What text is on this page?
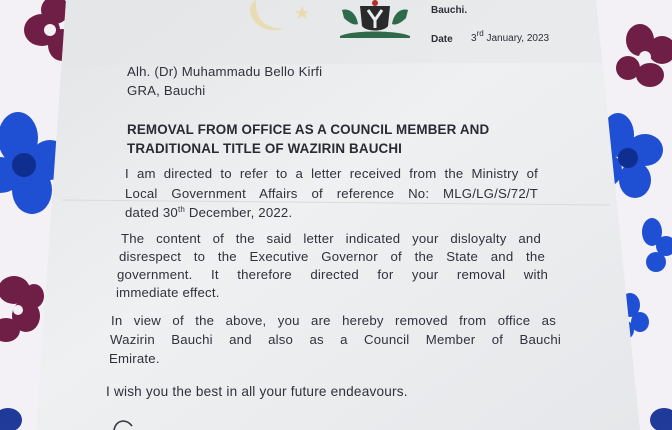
Bauchi.
Date 3rd January, 2023
Alh. (Dr) Muhammadu Bello Kirfi
GRA, Bauchi
REMOVAL FROM OFFICE AS A COUNCIL MEMBER AND
TRADITIONAL TITLE OF WAZIRIN BAUCHI
I am directed to refer to a letter received from the Ministry of
Local Government Affairs of reference No: MLG/LG/S/72/T
dated 30th December, 2022.
The content of the said letter indicated your disloyalty and
disrespect to the Executive Governor of the State and the
government. It therefore directed for your removal with
immediate effect.
In view of the above, you are hereby removed from office as
Wazirin Bauchi and also as a Council Member of Bauchi
Emirate.
I wish you the best in all your future endeavours.
